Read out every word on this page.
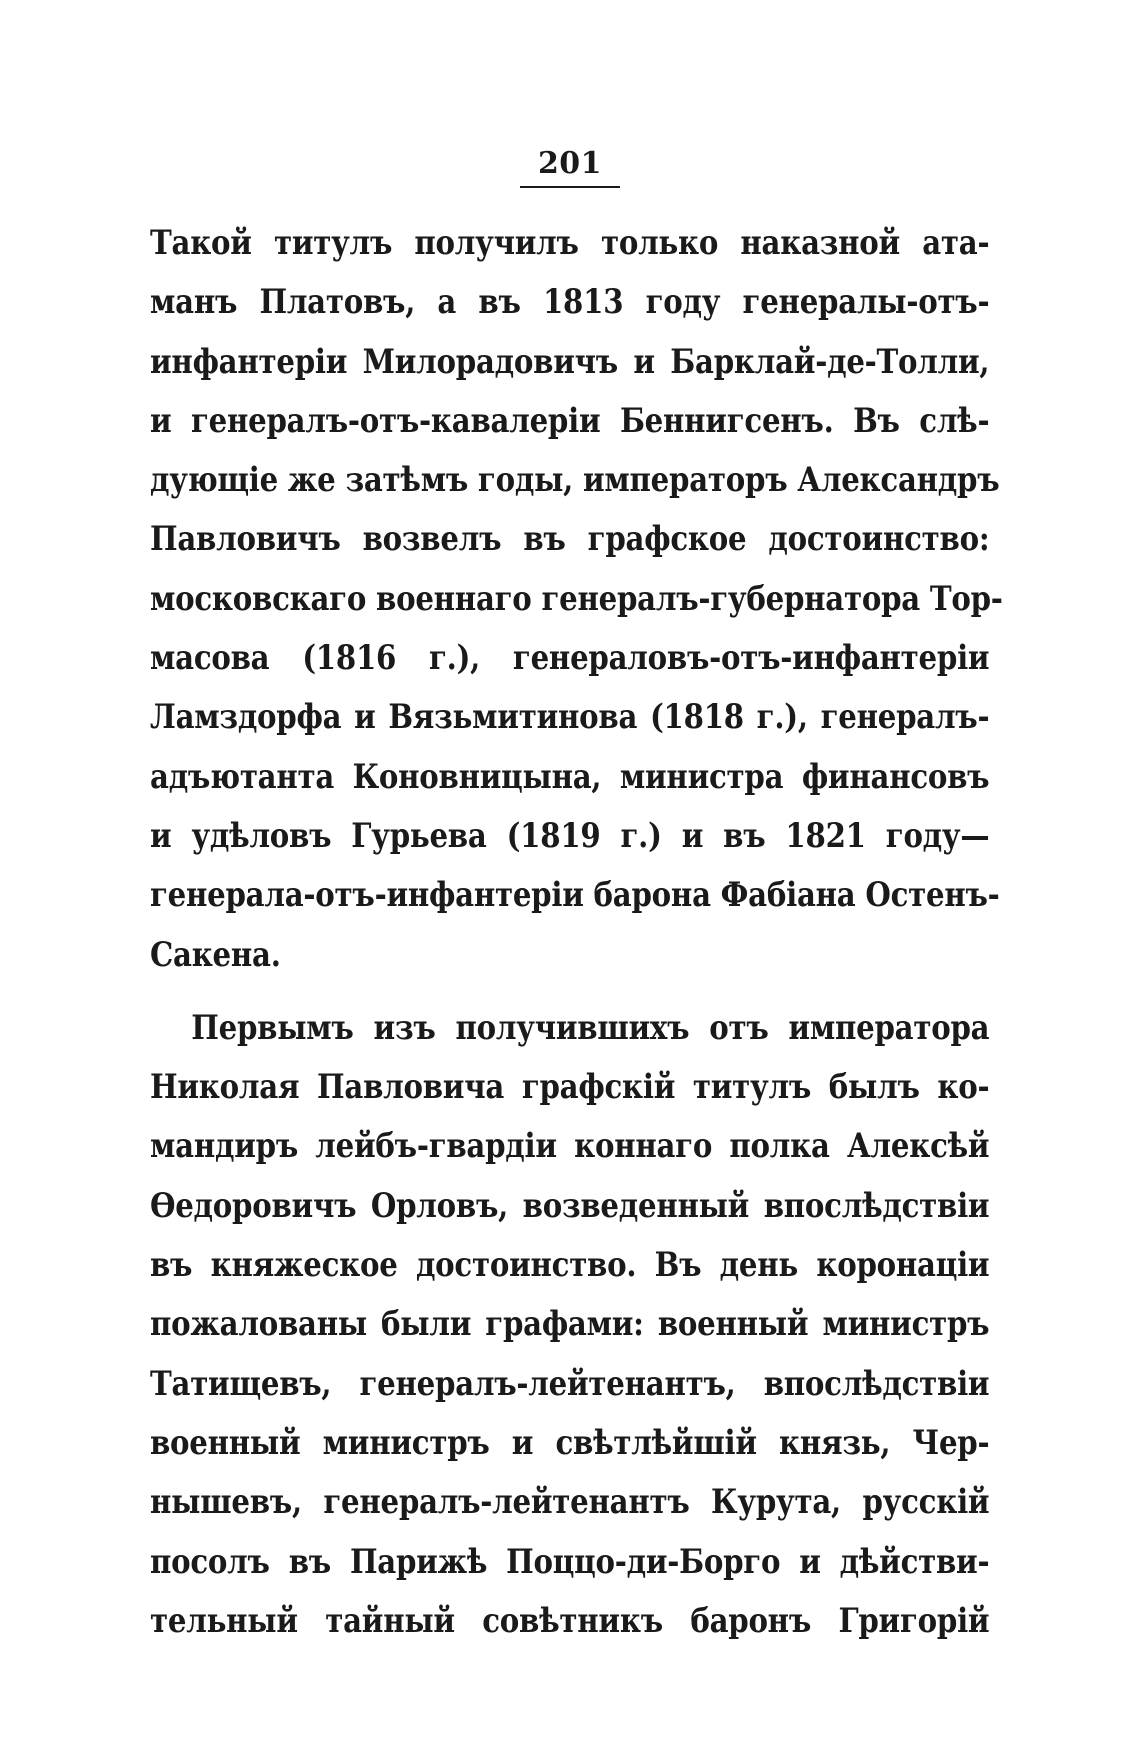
201
Такой титулъ получилъ только наказной ата-
манъ Платовъ, а въ 1813 году генералы-отъ-
инфантеріи Милорадовичъ и Барклай-де-Толли,
и генералъ-отъ-кавалеріи Беннигсенъ. Въ слѣ-
дующіе же затѣмъ годы, императоръ Александръ
Павловичъ возвелъ въ графское достоинство:
московскаго военнаго генералъ-губернатора Тор-
масова (1816 г.), генераловъ-отъ-инфантеріи
Ламздорфа и Вязьмитинова (1818 г.), генералъ-
адъютанта Коновницына, министра финансовъ
и удѣловъ Гурьева (1819 г.) и въ 1821 году—
генерала-отъ-инфантеріи барона Фабіана Остенъ-
Сакена.
Первымъ изъ получившихъ отъ императора
Николая Павловича графскій титулъ былъ ко-
мандиръ лейбъ-гвардіи коннаго полка Алексѣй
Өедоровичъ Орловъ, возведенный впослѣдствіи
въ княжеское достоинство. Въ день коронаціи
пожалованы были графами: военный министръ
Татищевъ, генералъ-лейтенантъ, впослѣдствіи
военный министръ и свѣтлѣйшій князь, Чер-
нышевъ, генералъ-лейтенантъ Курута, русскій
посолъ въ Парижѣ Поццо-ди-Борго и дѣйстви-
тельный тайный совѣтникъ баронъ Григорій
